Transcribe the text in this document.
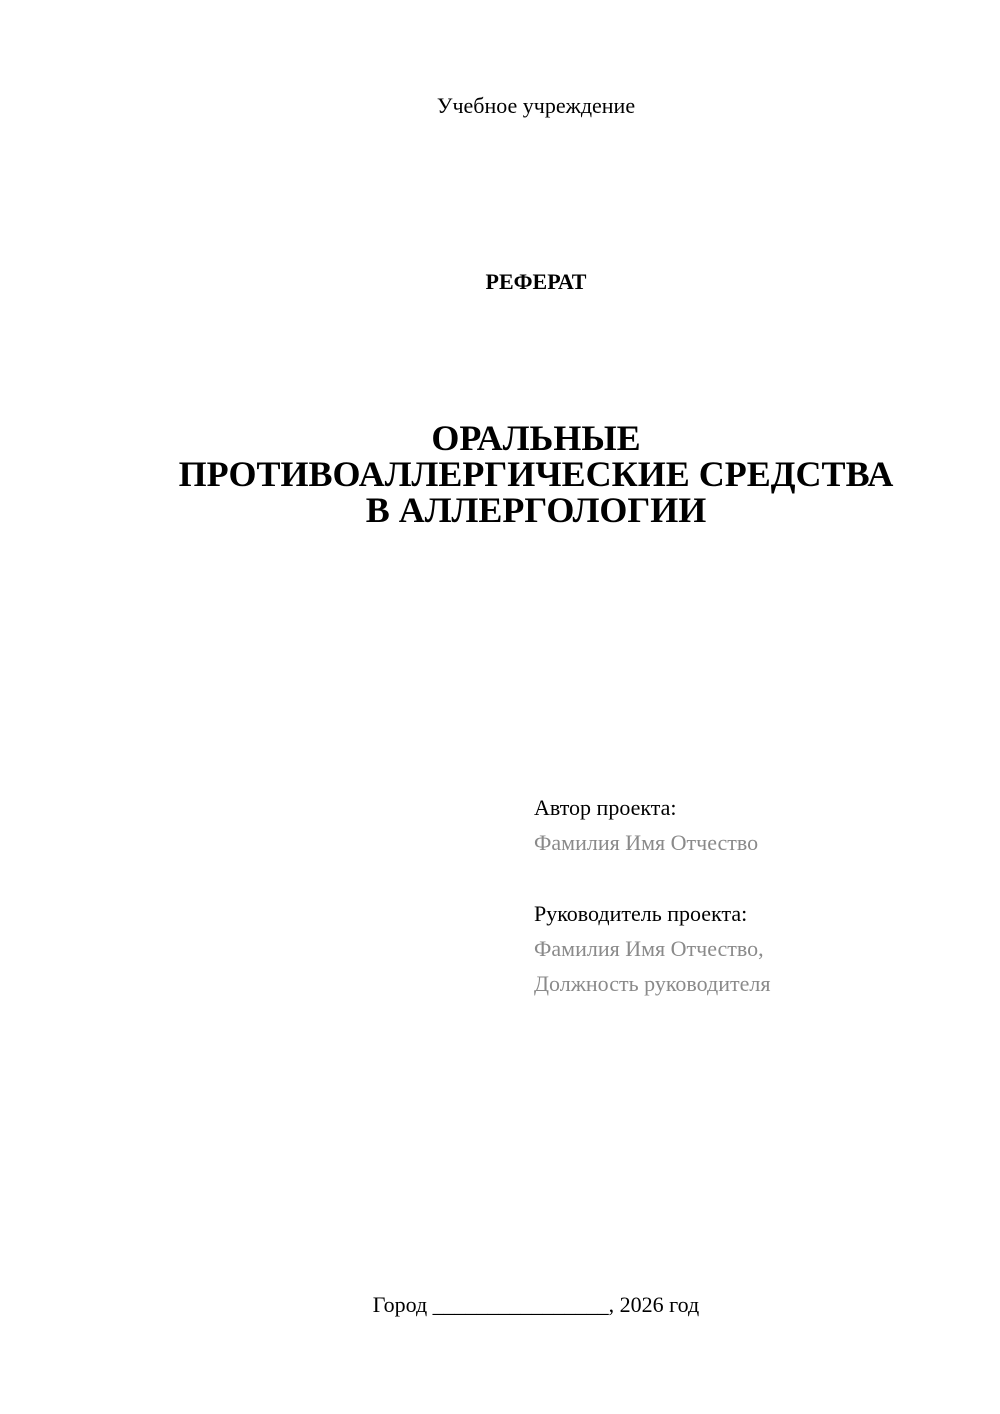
Учебное учреждение
РЕФЕРАТ
ОРАЛЬНЫЕ
ПРОТИВОАЛЛЕРГИЧЕСКИЕ СРЕДСТВА
В АЛЛЕРГОЛОГИИ
Автор проекта:
Фамилия Имя Отчество
Руководитель проекта:
Фамилия Имя Отчество,
Должность руководителя
Город ________________, 2026 год
